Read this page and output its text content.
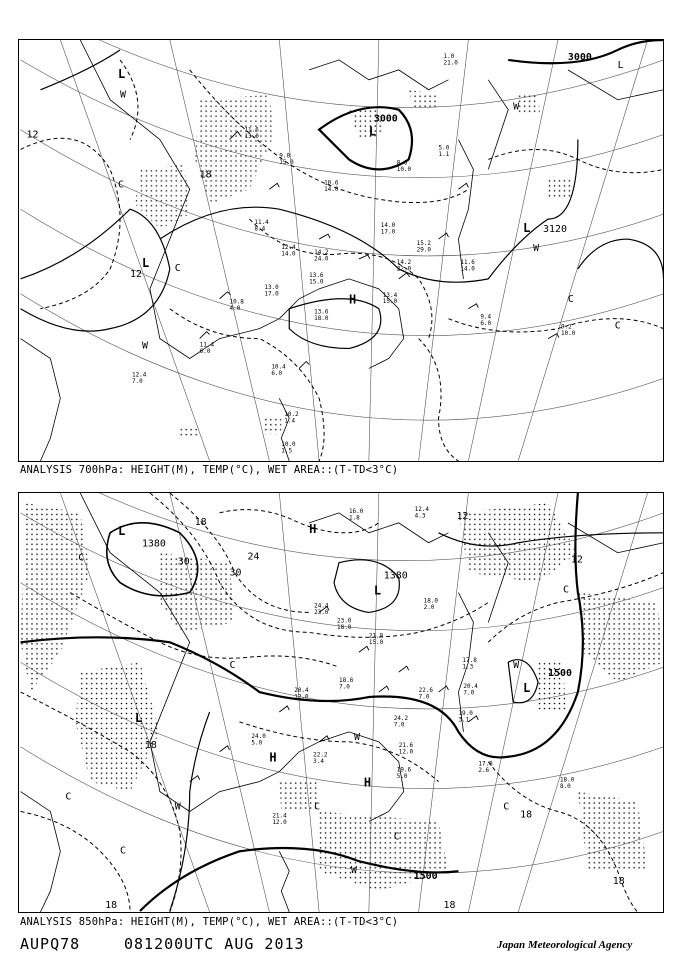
3000
3000
3120
12
18
12
L
W
L
L
C
L	C
H
W
L
W
C
C
W
11.6 13.0
9.0 15.0
10.6 14.0
11.4 8.4
12.4 14.0	14.2 24.0
13.6 15.0
13.0 17.0
10.8 4.0	13.6 18.0
14.0 17.0
15.2 29.0
14.2 22.0
13.4 15.0
11.6 14.0
9.4 6.0	9.2 10.0
10.4 6.0
10.2 1.4
10.0 1.5
12.4 7.0
11.4 6.0
8.6 10.0
5.0 1.1
1.0 21.0
ANALYSIS 700hPa: HEIGHT(M), TEMP(°C), WET AREA::(T-TD<3°C)
1380
1380
1500
1500
18
30	24
30
12
18
18
18
12
18	18
L
C
H
L
L
W
L
C
H
W
H
C
C
W
C
C
W
C
C
24.4 23.0
23.0 18.0
21.8 15.0
18.0 2.0
17.8 1.3
20.4 7.0
19.0 3.1
22.6 7.0
24.2 7.0
21.6 12.0
19.6 5.0	18.0 8.0
20.4 12.0
18.6 7.0
21.4 12.0
22.2 3.4
24.0 5.0
17.8 2.6
16.0 1.8
12.4 4.3
ANALYSIS 850hPa: HEIGHT(M), TEMP(°C), WET AREA::(T-TD<3°C)
AUPQ78	081200UTC AUG 2013	Japan Meteorological Agency
